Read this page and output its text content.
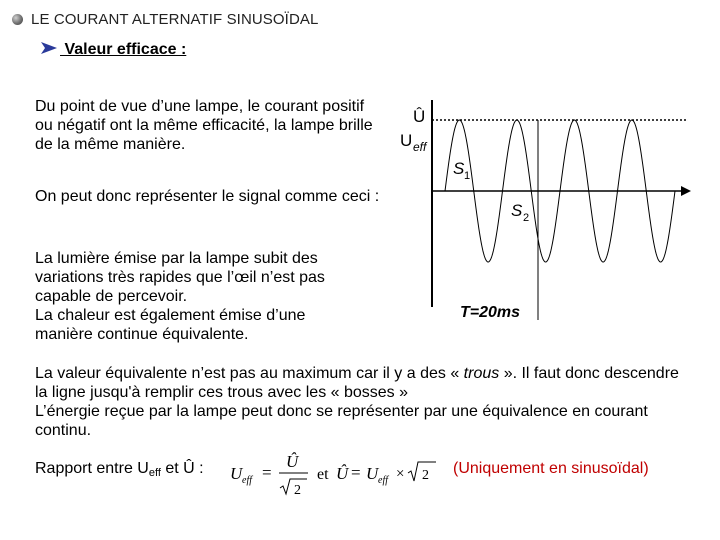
LE COURANT ALTERNATIF SINUSOÏDAL
Valeur efficace :
Du point de vue d’une lampe, le courant positif ou négatif ont la même efficacité, la lampe brille de la même manière.
On peut donc représenter le signal comme ceci :
La lumière émise par la lampe subit des
variations très rapides que l’œil n’est pas
capable de percevoir.
La chaleur est également émise d’une
manière continue équivalente.
La valeur équivalente n’est pas au maximum car il y a des « trous ». Il faut donc descendre la ligne jusqu'à remplir ces trous avec les « bosses »
L’énergie reçue par la lampe peut donc se représenter par une équivalence en courant continu.
Rapport entre $U_{eff}$ et Û : U eff =
Û
2
et Û = U eff × 2 (Uniquement en sinusoïdal)
Û
U eff
S 1
S 2
T=20ms
